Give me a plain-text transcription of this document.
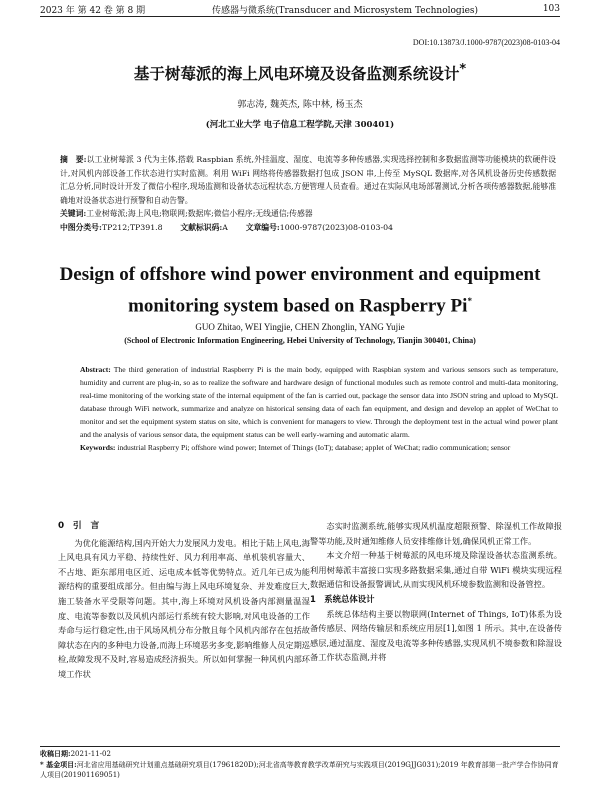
2023 年 第 42 卷 第 8 期	传感器与微系统(Transducer and Microsystem Technologies)	103
DOI:10.13873/J.1000-9787(2023)08-0103-04
基于树莓派的海上风电环境及设备监测系统设计*
郭志涛, 魏英杰, 陈中林, 杨玉杰
(河北工业大学 电子信息工程学院,天津 300401)
摘　要:以工业树莓派 3 代为主体,搭载 Raspbian 系统,外挂温度、湿度、电流等多种传感器,实现选择控制和多数据监测等功能模块的软硬件设计,对风机内部设备工作状态进行实时监测。利用 WiFi 网络将传感器数据打包成 JSON 串,上传至 MySQL 数据库,对各风机设备历史传感数据汇总分析,同时设计开发了微信小程序,现场监测和设备状态远程状态,方便管理人员查看。通过在实际风电场部署测试,分析各项传感器数据,能够准确地对设备状态进行预警和自动告警。
关键词:工业树莓派;海上风电;物联网;数据库;微信小程序;无线通信;传感器
中图分类号:TP212;TP391.8
　	文献标识码:A
　	文章编号:1000-9787(2023)08-0103-04
Design of offshore wind power environment and equipment monitoring system based on Raspberry Pi*
GUO Zhitao, WEI Yingjie, CHEN Zhonglin, YANG Yujie
(School of Electronic Information Engineering, Hebei University of Technology, Tianjin 300401, China)
Abstract: The third generation of industrial Raspberry Pi is the main body, equipped with Raspbian system and various sensors such as temperature, humidity and current are plug-in, so as to realize the software and hardware design of functional modules such as remote control and multi-data monitoring, real-time monitoring of the working state of the internal equipment of the fan is carried out, package the sensor data into JSON string and upload to MySQL database through WiFi network, summarize and analyze on historical sensing data of each fan equipment, and design and develop an applet of WeChat to monitor and set the equipment system status on site, which is convenient for managers to view. Through the deployment test in the actual wind power plant and the analysis of various sensor data, the equipment status can be well early-warning and automatic alarm.
Keywords: industrial Raspberry Pi; offshore wind power; Internet of Things (IoT); database; applet of WeChat; radio communication; sensor
0　引　言

为优化能源结构,国内开始大力发展风力发电。相比于陆上风电,海上风电具有风力平稳、持续性好、风力利用率高、单机装机容量大、不占地、距东部用电区近、运电成本低等优势特点。近几年已成为能源结构的重要组成部分。但由编与海上风电环境复杂、并发难度巨大,施工装备水平受限等问题。其中,海上环境对风机设备内部测量温湿度、电流等参数以及风机内部运行系统有较大影响,对风电设备的工作寿命与运行稳定性,由于风场风机分布分散且每个风机内部存在包括故障状态在内的多种电力设备,而海上环境恶劣多变,影响维修人员定期巡检,故障发现不及时,容易造成经济损失。所以如何掌握一种风机内部环境工作状

态实时监测系统,能够实现风机温度超限预警、除湿机工作故障报警等功能,及时通知维修人员安排维修计划,确保风机正常工作。

本文介绍一种基于树莓派的风电环境及除湿设备状态监测系统。利用树莓派丰富接口实现多路数据采集,通过自带 WiFi 模块实现远程数据通信和设备报警调试,从而实现风机环境参数监测和设备管控。

1　系统总体设计

系统总体结构主要以物联网(Internet of Things, IoT)体系为设备传感层、网络传输层和系统应用层[1],如图 1 所示。其中,在设备传感层,通过温度、湿度及电流等多种传感器,实现风机不境参数和除湿设备工作状态监测,并将

收稿日期:2021-11-02
* 基金项目:河北省应用基础研究计划重点基础研究项目(17961820D);河北省高等教育教学改革研究与实践项目(2019GJJG031);2019 年教育部第一批产学合作协同育人项目(201901169051)
